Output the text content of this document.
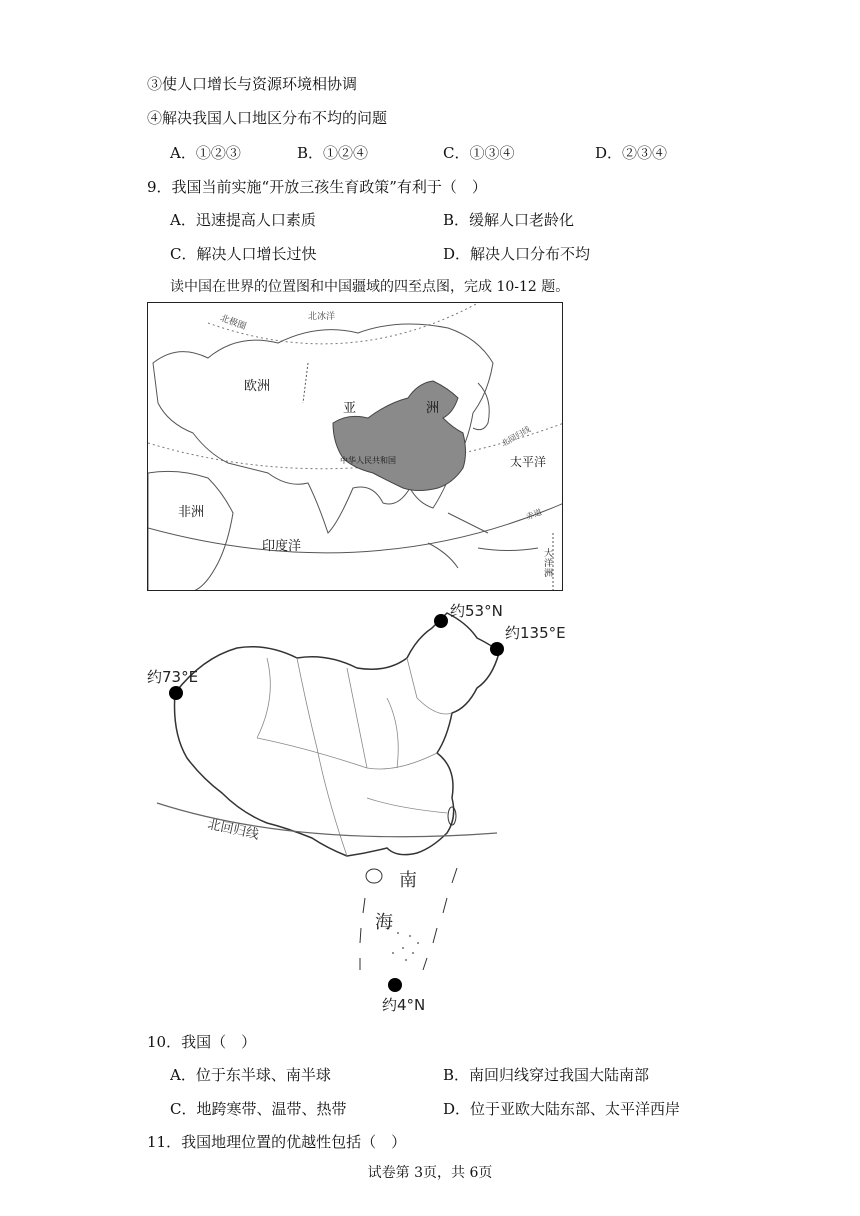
③使人口增长与资源环境相协调
④解决我国人口地区分布不均的问题
A．①②③	B．①②④	C．①③④	D．②③④
9．我国当前实施“开放三孩生育政策”有利于（　）
A．迅速提高人口素质	B．缓解人口老龄化
C．解决人口增长过快	D．解决人口分布不均
读中国在世界的位置图和中国疆域的四至点图，完成 10-12 题。
北极圈	北冰洋
欧洲
亚	洲
中华人民共和国
北回归线
太平洋
非洲
印度洋
赤道
大洋洲
约53°N
约135°E
约73°E
约4°N
北回归线
南
海
10．我国（　）
A．位于东半球、南半球	B．南回归线穿过我国大陆南部
C．地跨寒带、温带、热带	D．位于亚欧大陆东部、太平洋西岸
11．我国地理位置的优越性包括（　）
试卷第 3页，共 6页
